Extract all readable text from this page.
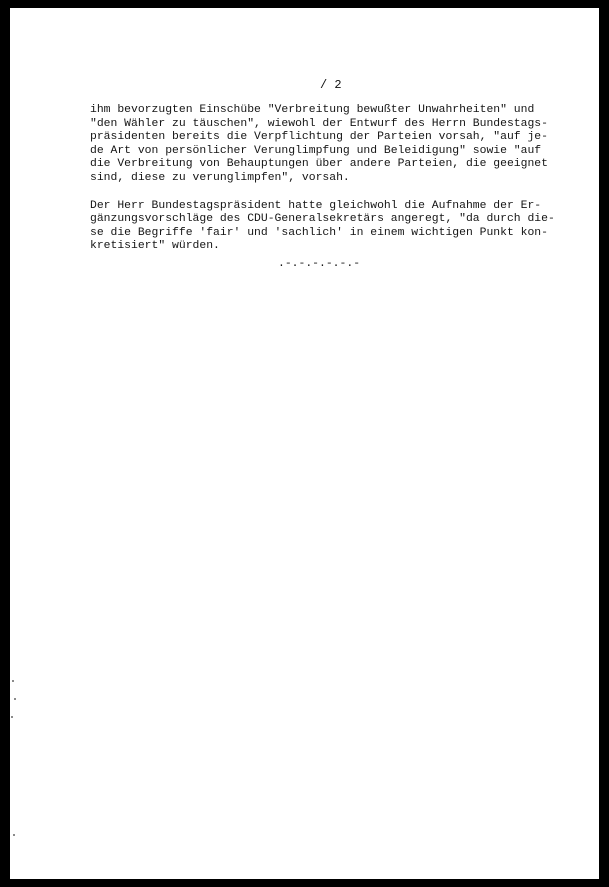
/ 2
ihm bevorzugten Einschübe "Verbreitung bewußter Unwahrheiten" und
"den Wähler zu täuschen", wiewohl der Entwurf des Herrn Bundestags-
präsidenten bereits die Verpflichtung der Parteien vorsah, "auf je-
de Art von persönlicher Verunglimpfung und Beleidigung" sowie "auf
die Verbreitung von Behauptungen über andere Parteien, die geeignet
sind, diese zu verunglimpfen", vorsah.
Der Herr Bundestagspräsident hatte gleichwohl die Aufnahme der Er-
gänzungsvorschläge des CDU-Generalsekretärs angeregt, "da durch die-
se die Begriffe 'fair' und 'sachlich' in einem wichtigen Punkt kon-
kretisiert" würden.
.-.-.-.-.-.-
